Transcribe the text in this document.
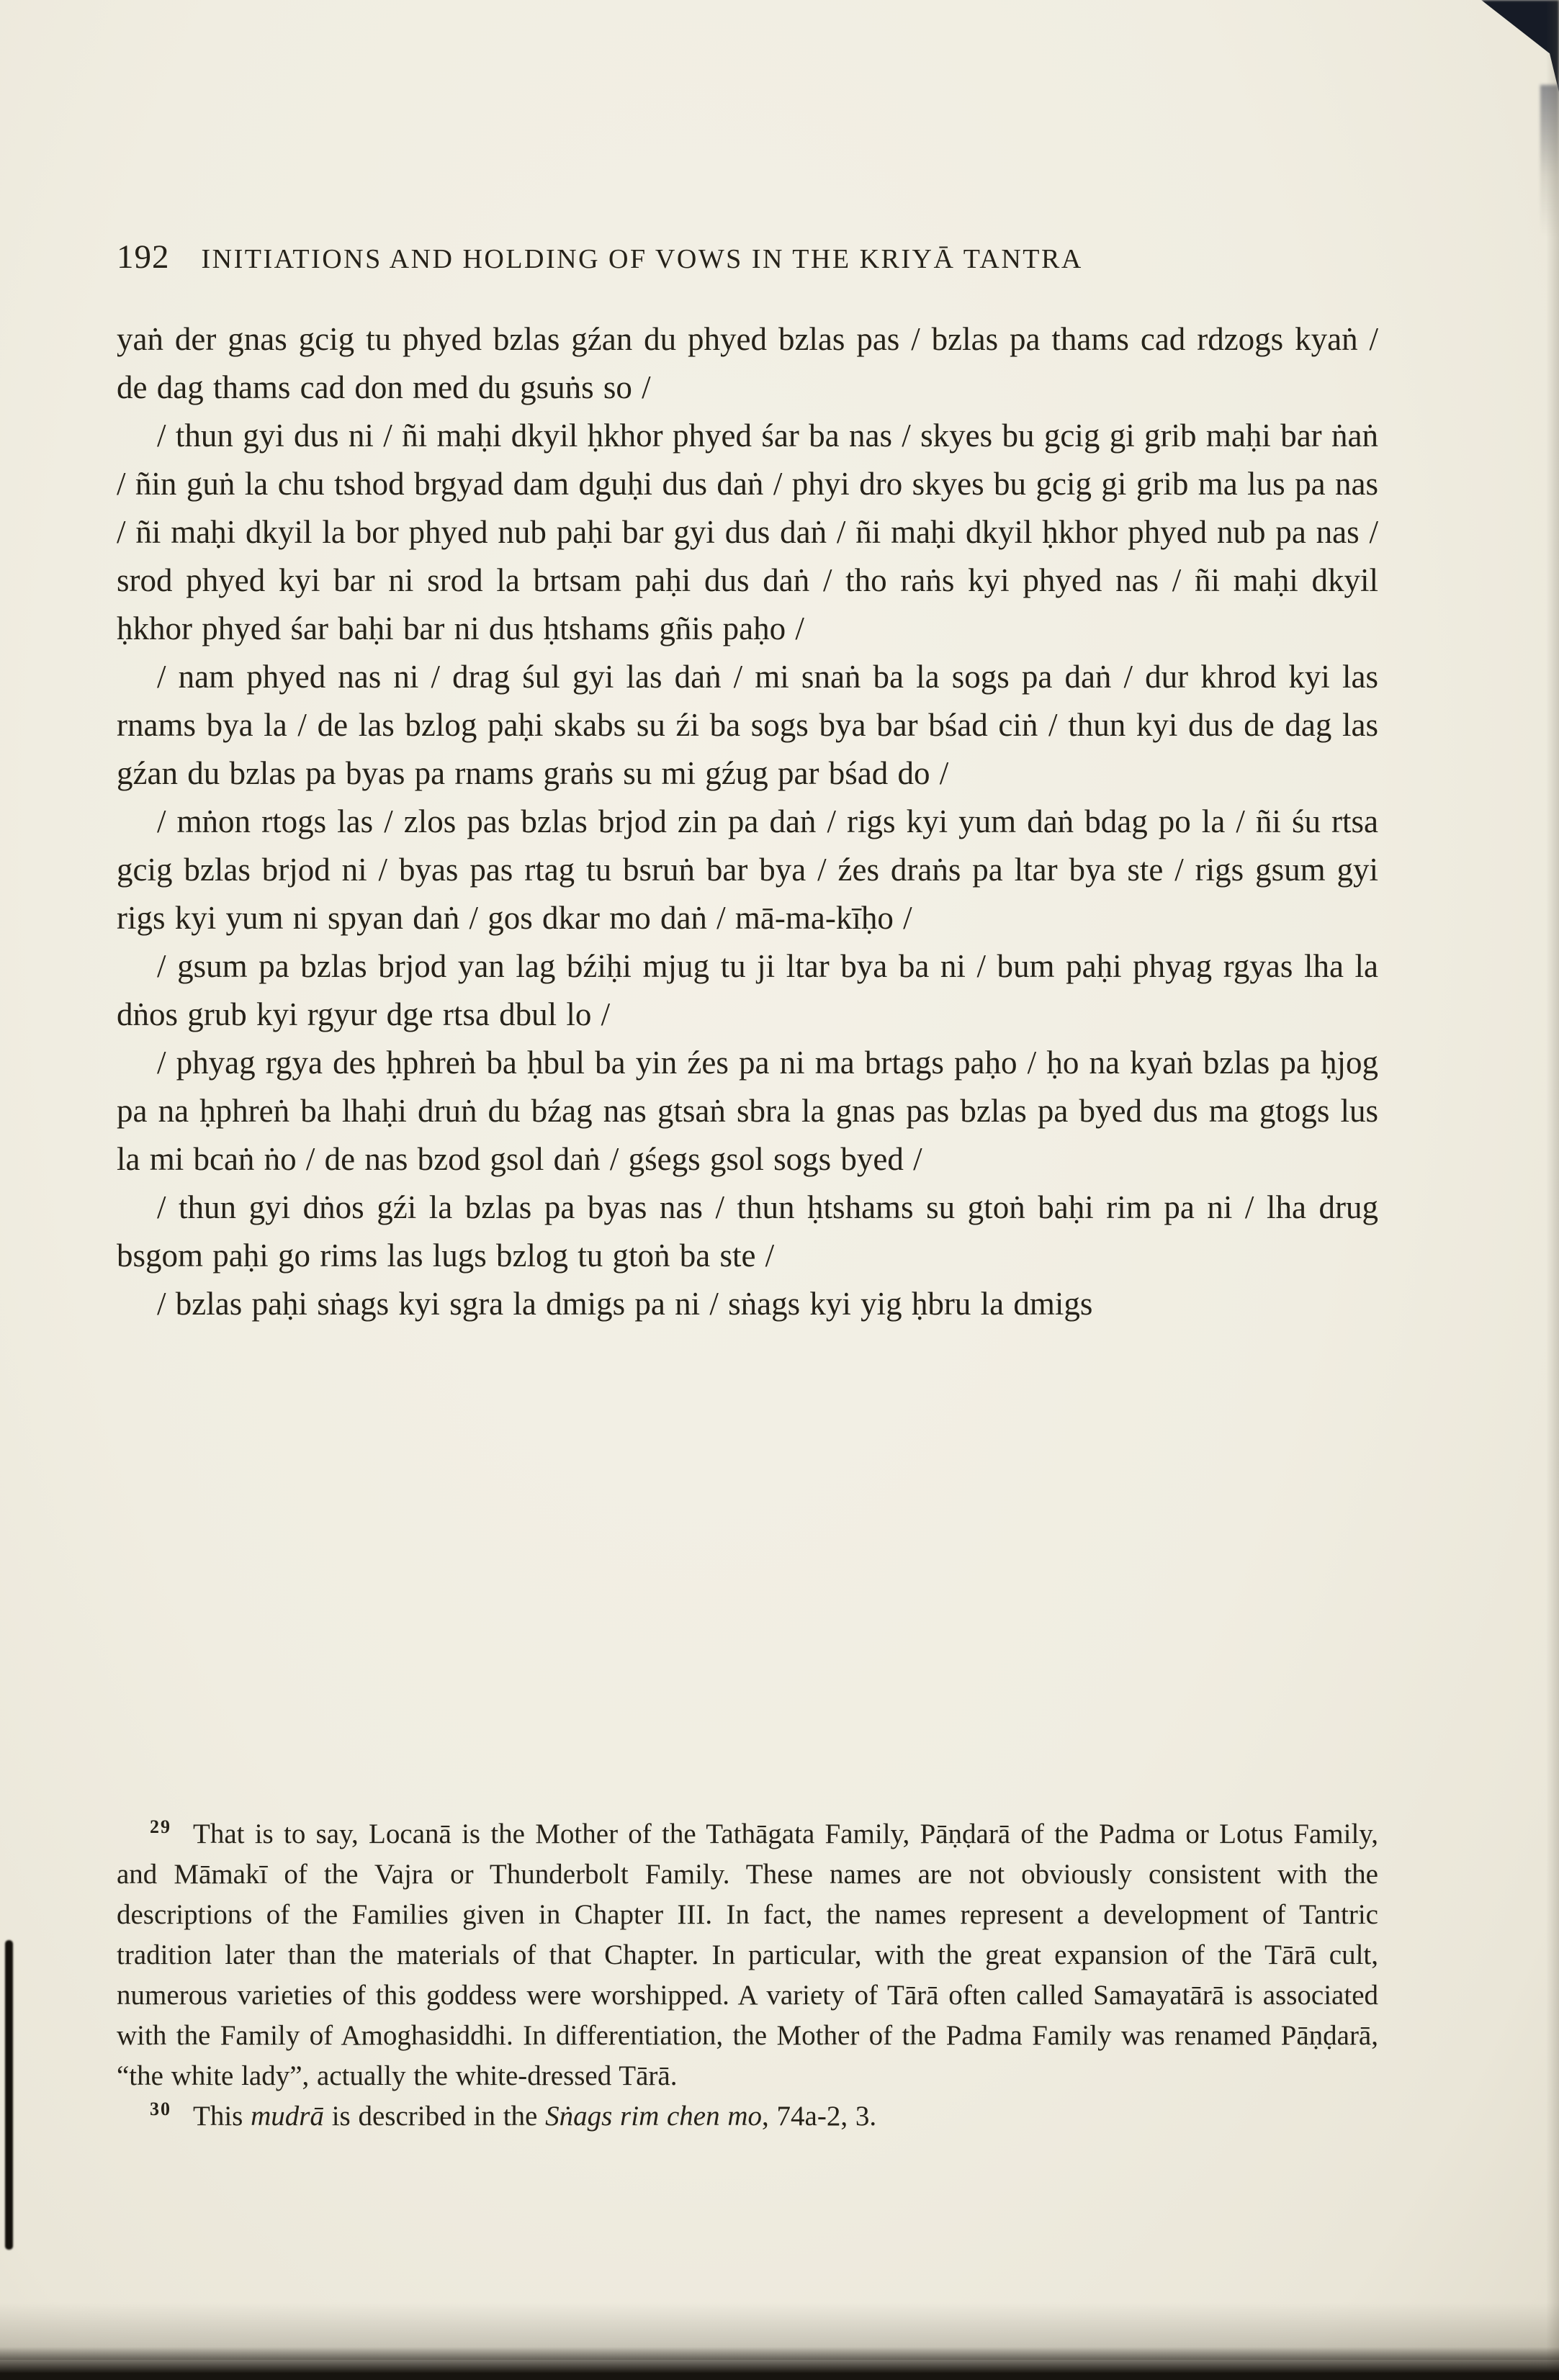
192 INITIATIONS AND HOLDING OF VOWS IN THE KRIYĀ TANTRA

yaṅ der gnas gcig tu phyed bzlas gźan du phyed bzlas pas / bzlas pa thams cad rdzogs kyaṅ / de dag thams cad don med du gsuṅs so /

/ thun gyi dus ni / ñi maḥi dkyil ḥkhor phyed śar ba nas / skyes bu gcig gi grib maḥi bar ṅaṅ / ñin guṅ la chu tshod brgyad dam dguḥi dus daṅ / phyi dro skyes bu gcig gi grib ma lus pa nas / ñi maḥi dkyil la bor phyed nub paḥi bar gyi dus daṅ / ñi maḥi dkyil ḥkhor phyed nub pa nas / srod phyed kyi bar ni srod la brtsam paḥi dus daṅ / tho raṅs kyi phyed nas / ñi maḥi dkyil ḥkhor phyed śar baḥi bar ni dus ḥtshams gñis paḥo /

/ nam phyed nas ni / drag śul gyi las daṅ / mi snaṅ ba la sogs pa daṅ / dur khrod kyi las rnams bya la / de las bzlog paḥi skabs su źi ba sogs bya bar bśad ciṅ / thun kyi dus de dag las gźan du bzlas pa byas pa rnams graṅs su mi gźug par bśad do /

/ mṅon rtogs las / zlos pas bzlas brjod zin pa daṅ / rigs kyi yum daṅ bdag po la / ñi śu rtsa gcig bzlas brjod ni / byas pas rtag tu bsruṅ bar bya / źes draṅs pa ltar bya ste / rigs gsum gyi rigs kyi yum ni spyan daṅ / gos dkar mo daṅ / mā-ma-kīḥo /

/ gsum pa bzlas brjod yan lag bźiḥi mjug tu ji ltar bya ba ni / bum paḥi phyag rgyas lha la dṅos grub kyi rgyur dge rtsa dbul lo /

/ phyag rgya des ḥphreṅ ba ḥbul ba yin źes pa ni ma brtags paḥo / ḥo na kyaṅ bzlas pa ḥjog pa na ḥphreṅ ba lhaḥi druṅ du bźag nas gtsaṅ sbra la gnas pas bzlas pa byed dus ma gtogs lus la mi bcaṅ ṅo / de nas bzod gsol daṅ / gśegs gsol sogs byed /

/ thun gyi dṅos gźi la bzlas pa byas nas / thun ḥtshams su gtoṅ baḥi rim pa ni / lha drug bsgom paḥi go rims las lugs bzlog tu gtoṅ ba ste /

/ bzlas paḥi sṅags kyi sgra la dmigs pa ni / sṅags kyi yig ḥbru la dmigs

$^{29}$ That is to say, Locanā is the Mother of the Tathāgata Family, Pāṇḍarā of the Padma or Lotus Family, and Māmakī of the Vajra or Thunderbolt Family. These names are not obviously consistent with the descriptions of the Families given in Chapter III. In fact, the names represent a development of Tantric tradition later than the materials of that Chapter. In particular, with the great expansion of the Tārā cult, numerous varieties of this goddess were worshipped. A variety of Tārā often called Samayatārā is associated with the Family of Amoghasiddhi. In differentiation, the Mother of the Padma Family was renamed Pāṇḍarā, “the white lady”, actually the white-dressed Tārā.

$^{30}$ This mudrā is described in the Sṅags rim chen mo, 74a-2, 3.
